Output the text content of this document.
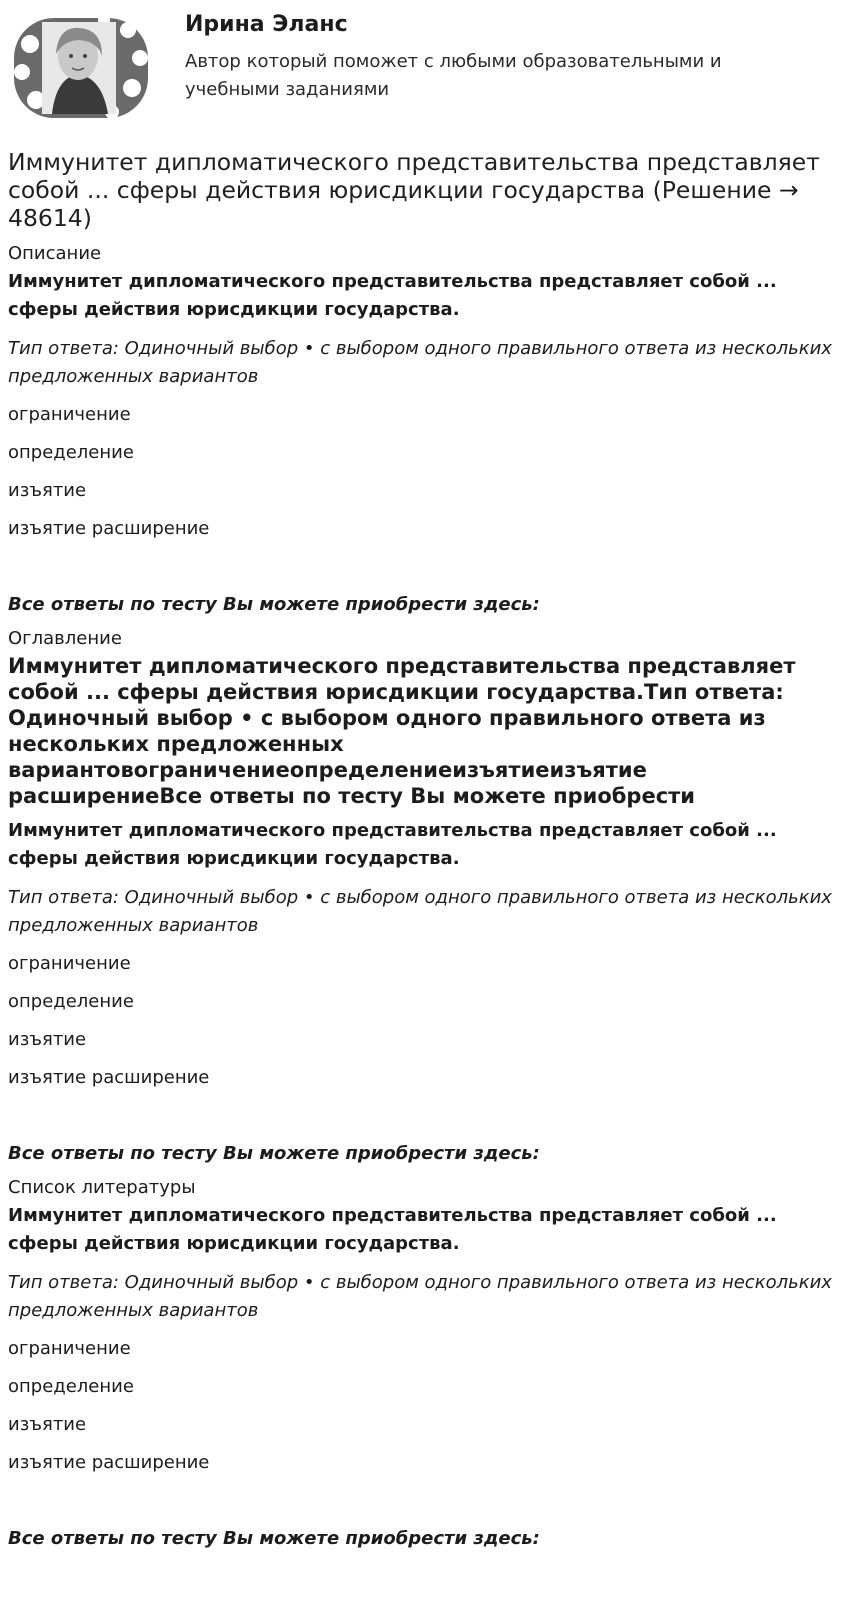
Ирина Эланс

Автор который поможет с любыми образовательными и учебными заданиями

Иммунитет дипломатического представительства представляет собой ... сферы действия юрисдикции государства (Решение → 48614)

Описание

Иммунитет дипломатического представительства представляет собой ... сферы действия юрисдикции государства.

Тип ответа: Одиночный выбор • с выбором одного правильного ответа из нескольких предложенных вариантов

ограничение

определение

изъятие

изъятие расширение

Все ответы по тесту Вы можете приобрести здесь:

Оглавление

Иммунитет дипломатического представительства представляет собой ... сферы действия юрисдикции государства.Тип ответа: Одиночный выбор • с выбором одного правильного ответа из нескольких предложенных вариантовограничениеопределениеизъятиеизъятие расширениеВсе ответы по тесту Вы можете приобрести

Иммунитет дипломатического представительства представляет собой ... сферы действия юрисдикции государства.

Тип ответа: Одиночный выбор • с выбором одного правильного ответа из нескольких предложенных вариантов

ограничение

определение

изъятие

изъятие расширение

Все ответы по тесту Вы можете приобрести здесь:

Список литературы

Иммунитет дипломатического представительства представляет собой ... сферы действия юрисдикции государства.

Тип ответа: Одиночный выбор • с выбором одного правильного ответа из нескольких предложенных вариантов

ограничение

определение

изъятие

изъятие расширение

Все ответы по тесту Вы можете приобрести здесь:
